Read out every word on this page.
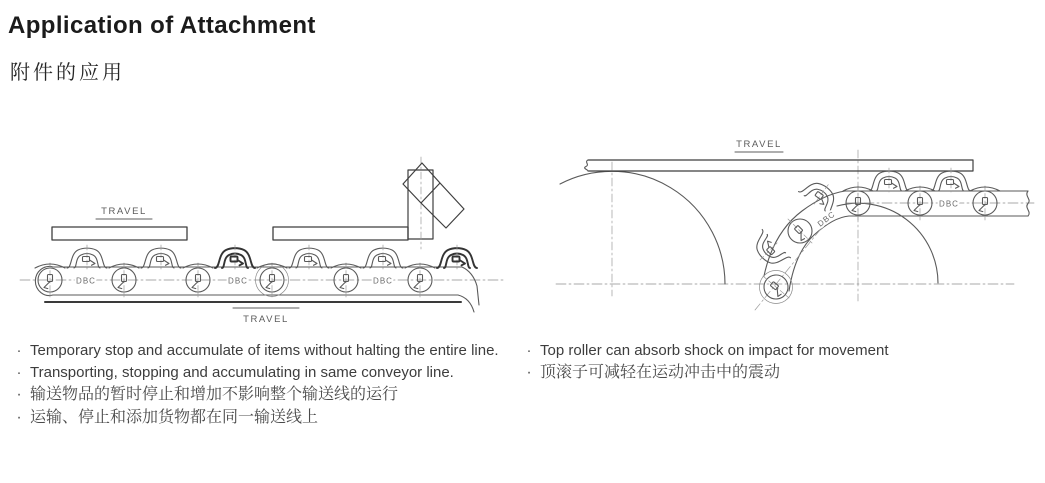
Application of Attachment
附件的应用
TRAVEL
TRAVEL
DBC	DBC	DBC
TRAVEL
DBC
DBC
· Temporary stop and accumulate of items without halting the entire line.
· Transporting, stopping and accumulating in same conveyor line.
· 输送物品的暂时停止和增加不影响整个输送线的运行
· 运输、停止和添加货物都在同一输送线上
· Top roller can absorb shock on impact for movement
· 顶滚子可减轻在运动冲击中的震动
